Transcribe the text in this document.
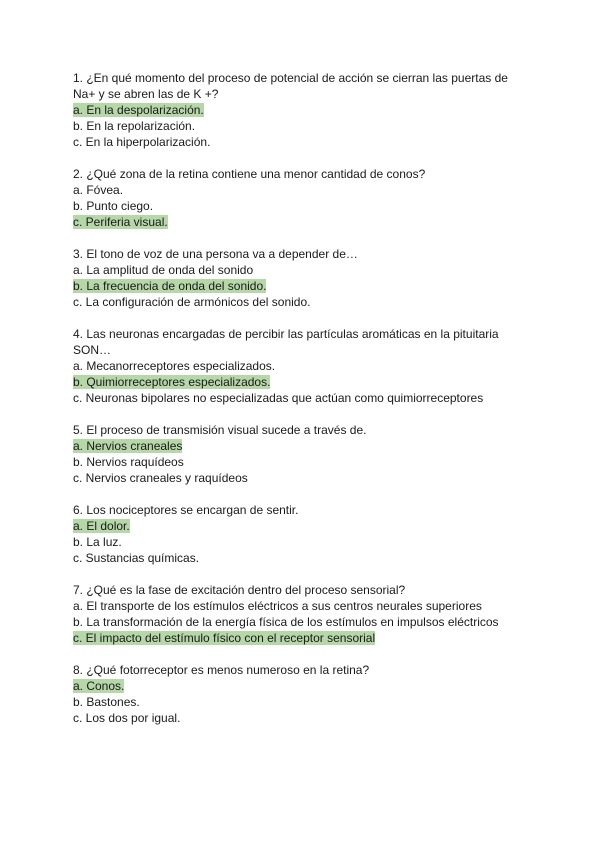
1. ¿En qué momento del proceso de potencial de acción se cierran las puertas de
Na+ y se abren las de K +?
a. En la despolarización.
b. En la repolarización.
c. En la hiperpolarización.
2. ¿Qué zona de la retina contiene una menor cantidad de conos?
a. Fóvea.
b. Punto ciego.
c. Periferia visual.
3. El tono de voz de una persona va a depender de…
a. La amplitud de onda del sonido
b. La frecuencia de onda del sonido.
c. La configuración de armónicos del sonido.
4. Las neuronas encargadas de percibir las partículas aromáticas en la pituitaria
SON…
a. Mecanorreceptores especializados.
b. Quimiorreceptores especializados.
c. Neuronas bipolares no especializadas que actúan como quimiorreceptores
5. El proceso de transmisión visual sucede a través de.
a. Nervios craneales
b. Nervios raquídeos
c. Nervios craneales y raquídeos
6. Los nociceptores se encargan de sentir.
a. El dolor.
b. La luz.
c. Sustancias químicas.
7. ¿Qué es la fase de excitación dentro del proceso sensorial?
a. El transporte de los estímulos eléctricos a sus centros neurales superiores
b. La transformación de la energía física de los estímulos en impulsos eléctricos
c. El impacto del estímulo físico con el receptor sensorial
8. ¿Qué fotorreceptor es menos numeroso en la retina?
a. Conos.
b. Bastones.
c. Los dos por igual.
